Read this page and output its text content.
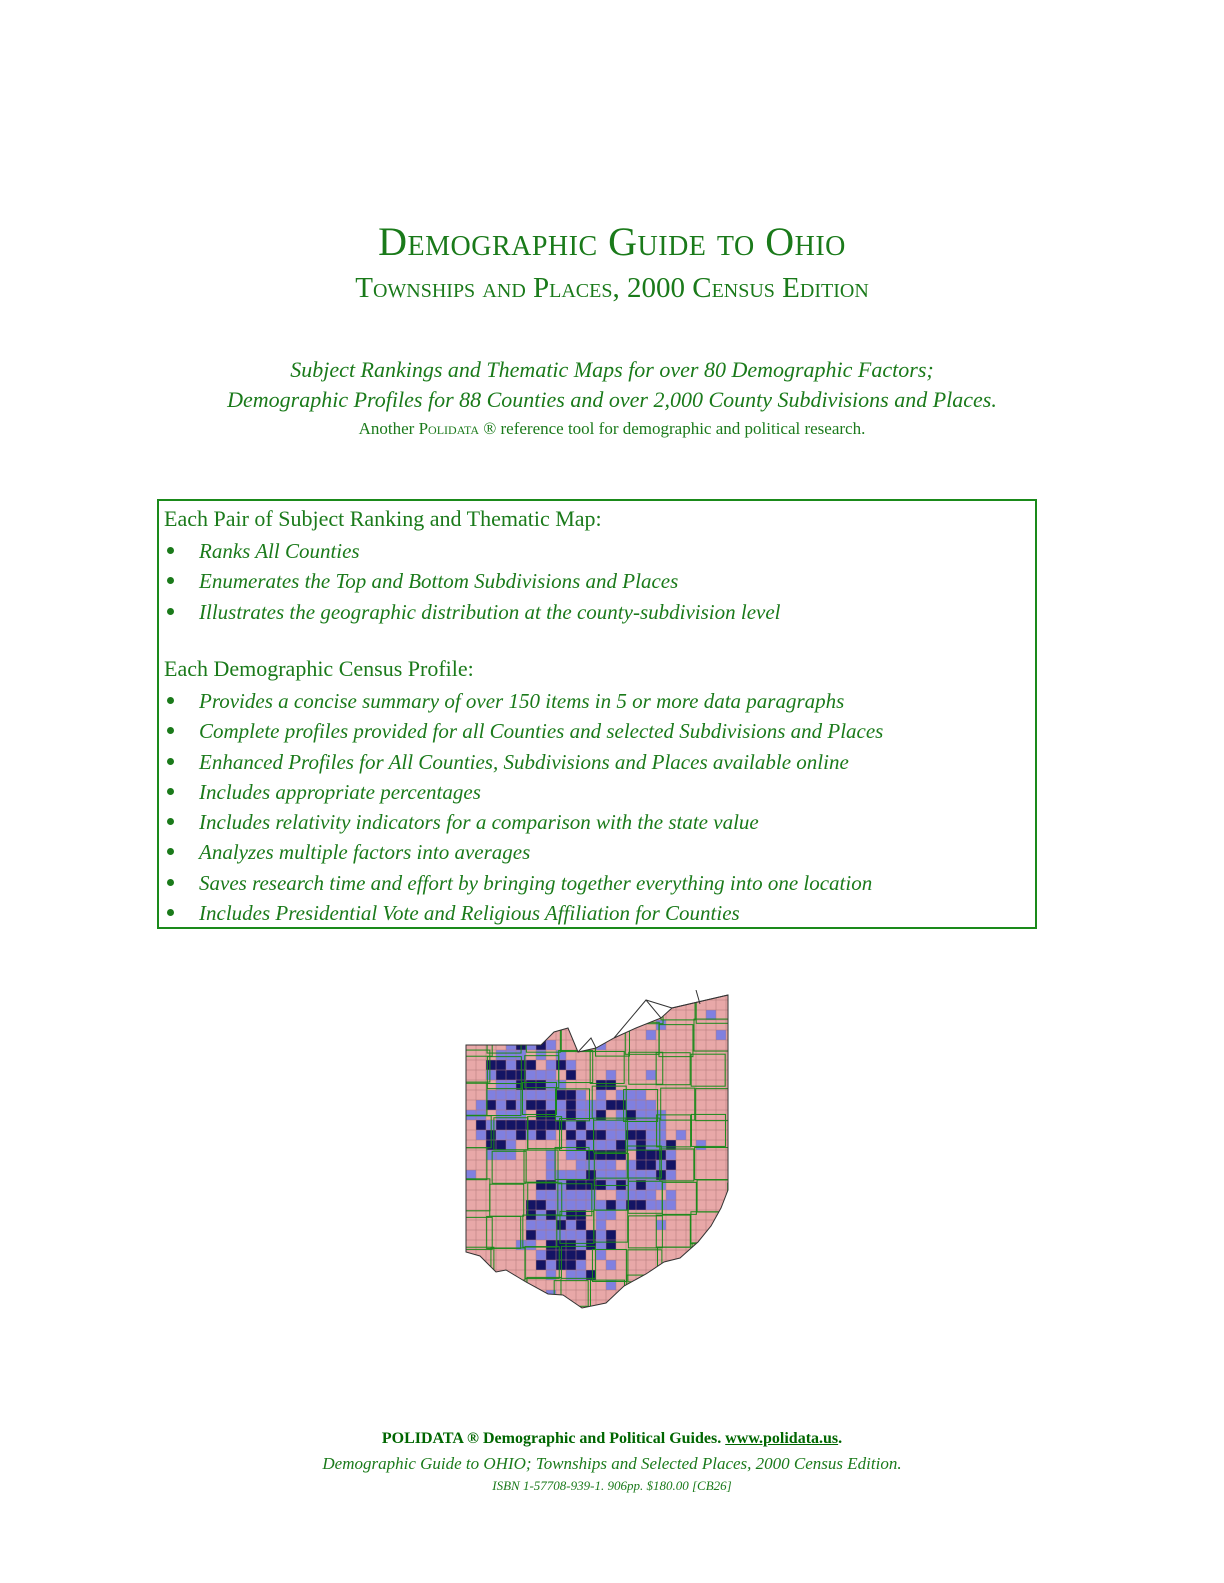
Demographic Guide to Ohio
Townships and Places, 2000 Census Edition

Subject Rankings and Thematic Maps for over 80 Demographic Factors;

Demographic Profiles for 88 Counties and over 2,000 County Subdivisions and Places.

Another Polidata ® reference tool for demographic and political research.

Each Pair of Subject Ranking and Thematic Map:

Ranks All Counties
Enumerates the Top and Bottom Subdivisions and Places
Illustrates the geographic distribution at the county-subdivision level

Each Demographic Census Profile:

Provides a concise summary of over 150 items in 5 or more data paragraphs
Complete profiles provided for all Counties and selected Subdivisions and Places
Enhanced Profiles for All Counties, Subdivisions and Places available online
Includes appropriate percentages
Includes relativity indicators for a comparison with the state value
Analyzes multiple factors into averages
Saves research time and effort by bringing together everything into one location
Includes Presidential Vote and Religious Affiliation for Counties

POLIDATA ® Demographic and Political Guides. www.polidata.us.

Demographic Guide to OHIO; Townships and Selected Places, 2000 Census Edition.

ISBN 1-57708-939-1. 906pp. $180.00 [CB26]
